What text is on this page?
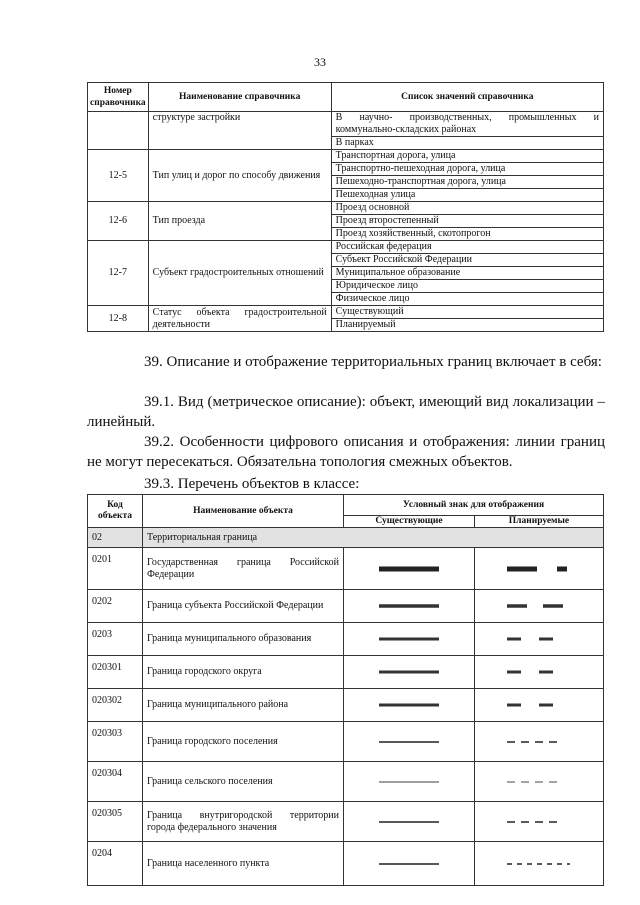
33
Номер справочника	Наименование справочника	Список значений справочника
	структуре застройки	В научно- производственных, промышленных и коммунально-складских районах
		В парках
12-5	Тип улиц и дорог по способу движения	Транспортная дорога, улица
		Транспортно-пешеходная дорога, улица
		Пешеходно-транспортная дорога, улица
		Пешеходная улица
12-6	Тип проезда	Проезд основной
		Проезд второстепенный
		Проезд хозяйственный, скотопрогон
12-7	Субъект градостроительных отношений	Российская федерация
		Субъект Российской Федерации
		Муниципальное образование
		Юридическое лицо
		Физическое лицо
12-8	Статус объекта градостроительной деятельности	Существующий
		Планируемый

39. Описание и отображение территориальных границ включает в себя:

39.1. Вид (метрическое описание): объект, имеющий вид локализации – линейный.

39.2. Особенности цифрового описания и отображения: линии границ не могут пересекаться. Обязательна топология смежных объектов.

39.3. Перечень объектов в классе:

Код объекта	Наименование объекта	Условный знак для отображения	
		Существующие	Планируемые
02	Территориальная граница		
0201	Государственная граница Российской Федерации	

0202	Граница субъекта Российской Федерации	

0203	Граница муниципального образования	

020301	Граница городского округа	

020302	Граница муниципального района	

020303	Граница городского поселения	

020304	Граница сельского поселения	

020305	Граница внутригородской территории города федерального значения	

0204	Граница населенного пункта	
